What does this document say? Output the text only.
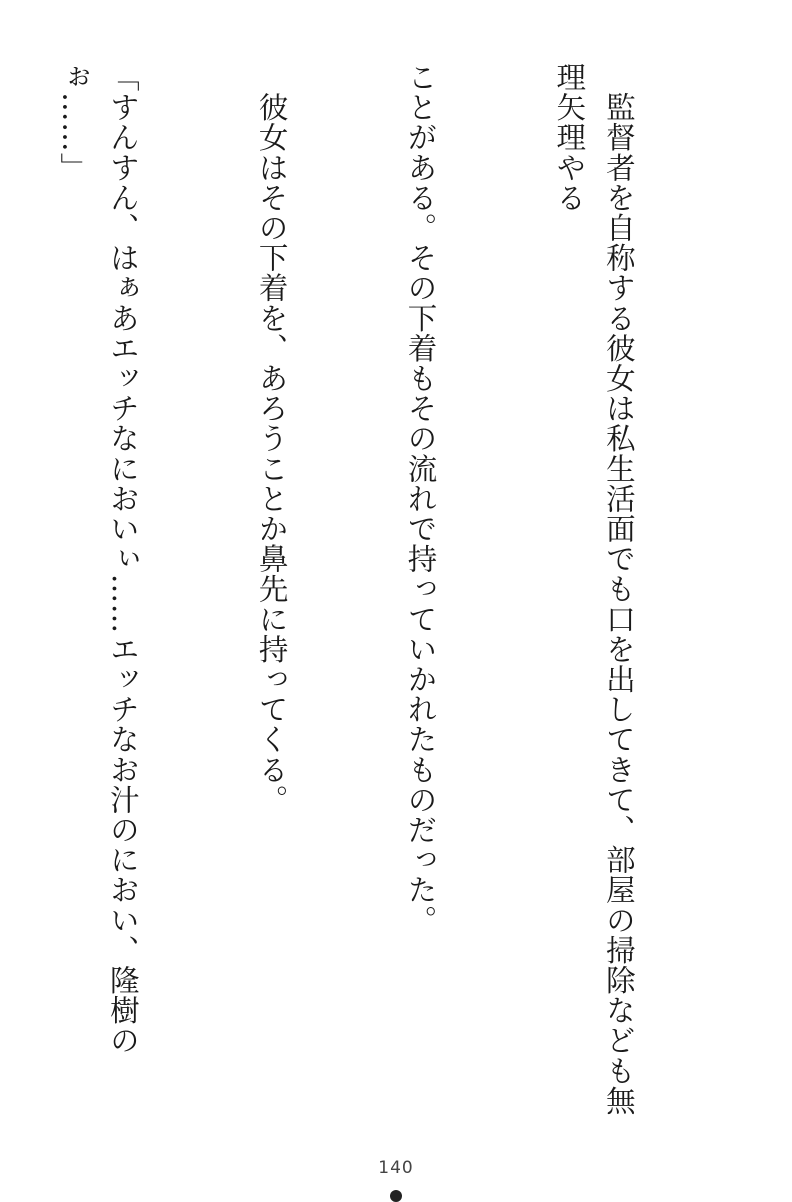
　監督者を自称する彼女は私生活面でも口を出してきて、部屋の掃除なども無理矢理やる

ことがある。その下着もその流れで持っていかれたものだった。

　彼女はその下着を、あろうことか鼻先に持ってくる。

「すんすん、はぁあエッチなにおいぃ……エッチなお汁のにおい、隆樹のぉ……」

140
